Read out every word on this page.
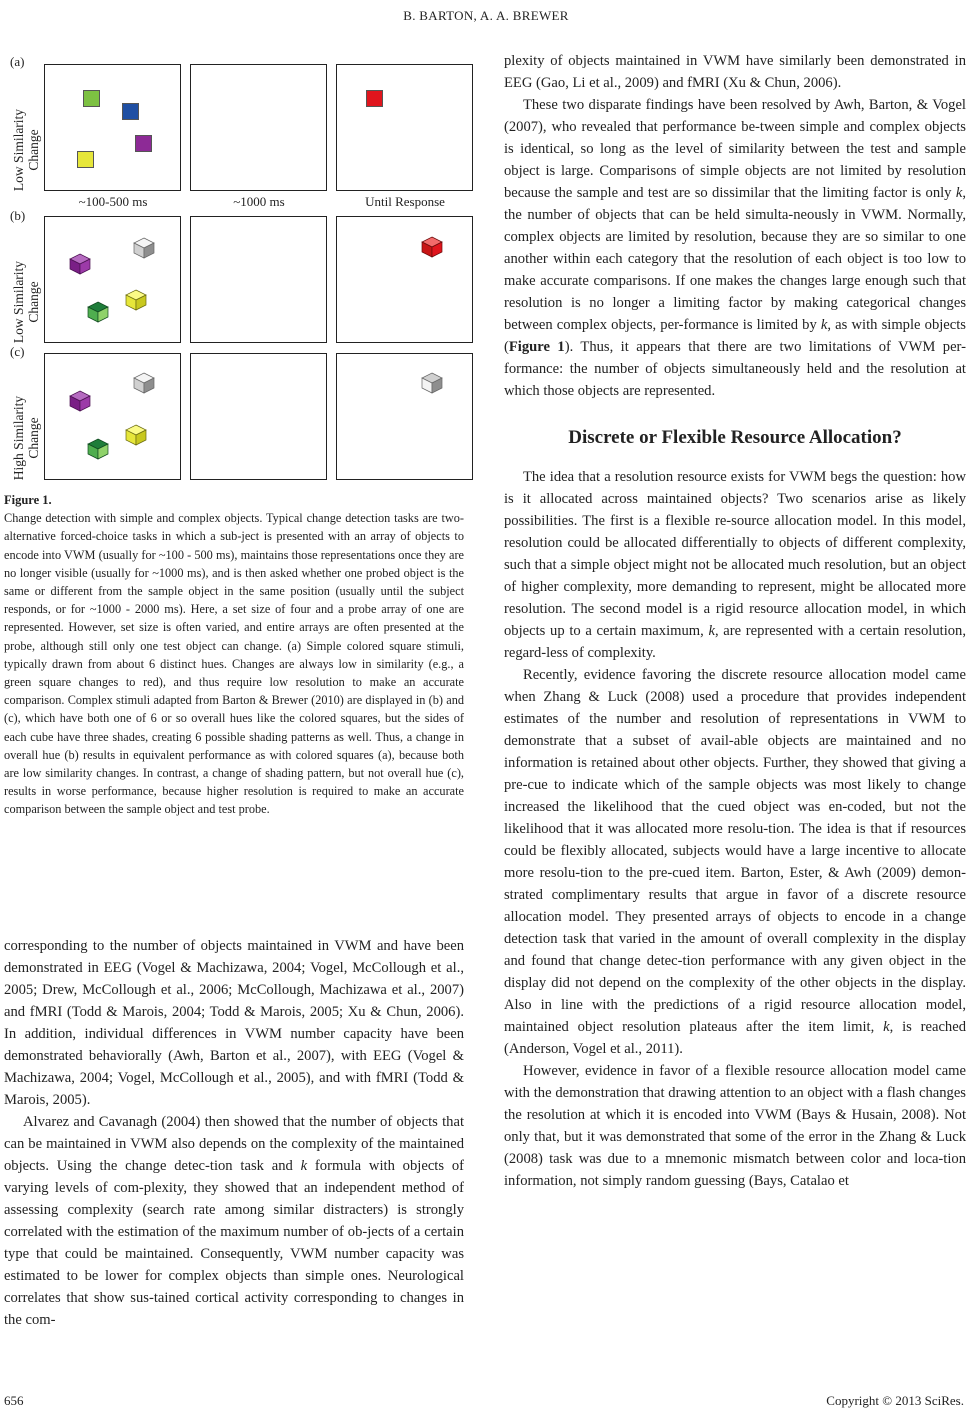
B. BARTON, A. A. BREWER
(a)
Low Similarity
Change
~100-500 ms	~1000 ms	Until Response
(b)
Low Similarity
Change
(c)
High Similarity
Change
Figure 1.
Change detection with simple and complex objects. Typical change detection tasks are two-alternative forced-choice tasks in which a sub-ject is presented with an array of objects to encode into VWM (usually for ~100 - 500 ms), maintains those representations once they are no longer visible (usually for ~1000 ms), and is then asked whether one probed object is the same or different from the sample object in the same position (usually until the subject responds, or for ~1000 - 2000 ms). Here, a set size of four and a probe array of one are represented. However, set size is often varied, and entire arrays are often presented at the probe, although still only one test object can change. (a) Simple colored square stimuli, typically drawn from about 6 distinct hues. Changes are always low in similarity (e.g., a green square changes to red), and thus require low resolution to make an accurate comparison. Complex stimuli adapted from Barton & Brewer (2010) are displayed in (b) and (c), which have both one of 6 or so overall hues like the colored squares, but the sides of each cube have three shades, creating 6 possible shading patterns as well. Thus, a change in overall hue (b) results in equivalent performance as with colored squares (a), because both are low similarity changes. In contrast, a change of shading pattern, but not overall hue (c), results in worse performance, because higher resolution is required to make an accurate comparison between the sample object and test probe.

corresponding to the number of objects maintained in VWM and have been demonstrated in EEG (Vogel & Machizawa, 2004; Vogel, McCollough et al., 2005; Drew, McCollough et al., 2006; McCollough, Machizawa et al., 2007) and fMRI (Todd & Marois, 2004; Todd & Marois, 2005; Xu & Chun, 2006). In addition, individual differences in VWM number capacity have been demonstrated behaviorally (Awh, Barton et al., 2007), with EEG (Vogel & Machizawa, 2004; Vogel, McCollough et al., 2005), and with fMRI (Todd & Marois, 2005).

Alvarez and Cavanagh (2004) then showed that the number of objects that can be maintained in VWM also depends on the complexity of the maintained objects. Using the change detec-tion task and k formula with objects of varying levels of com-plexity, they showed that an independent method of assessing complexity (search rate among similar distracters) is strongly correlated with the estimation of the maximum number of ob-jects of a certain type that could be maintained. Consequently, VWM number capacity was estimated to be lower for complex objects than simple ones. Neurological correlates that show sus-tained cortical activity corresponding to changes in the com-

plexity of objects maintained in VWM have similarly been demonstrated in EEG (Gao, Li et al., 2009) and fMRI (Xu & Chun, 2006).

These two disparate findings have been resolved by Awh, Barton, & Vogel (2007), who revealed that performance be-tween simple and complex objects is identical, so long as the level of similarity between the test and sample object is large. Comparisons of simple objects are not limited by resolution because the sample and test are so dissimilar that the limiting factor is only k, the number of objects that can be held simulta-neously in VWM. Normally, complex objects are limited by resolution, because they are so similar to one another within each category that the resolution of each object is too low to make accurate comparisons. If one makes the changes large enough such that resolution is no longer a limiting factor by making categorical changes between complex objects, per-formance is limited by k, as with simple objects (Figure 1). Thus, it appears that there are two limitations of VWM per-formance: the number of objects simultaneously held and the resolution at which those objects are represented.

Discrete or Flexible Resource Allocation?

The idea that a resolution resource exists for VWM begs the question: how is it allocated across maintained objects? Two scenarios arise as likely possibilities. The first is a flexible re-source allocation model. In this model, resolution could be allocated differentially to objects of different complexity, such that a simple object might not be allocated much resolution, but an object of higher complexity, more demanding to represent, might be allocated more resolution. The second model is a rigid resource allocation model, in which objects up to a certain maximum, k, are represented with a certain resolution, regard-less of complexity.

Recently, evidence favoring the discrete resource allocation model came when Zhang & Luck (2008) used a procedure that provides independent estimates of the number and resolution of representations in VWM to demonstrate that a subset of avail-able objects are maintained and no information is retained about other objects. Further, they showed that giving a pre-cue to indicate which of the sample objects was most likely to change increased the likelihood that the cued object was en-coded, but not the likelihood that it was allocated more resolu-tion. The idea is that if resources could be flexibly allocated, subjects would have a large incentive to allocate more resolu-tion to the pre-cued item. Barton, Ester, & Awh (2009) demon-strated complimentary results that argue in favor of a discrete resource allocation model. They presented arrays of objects to encode in a change detection task that varied in the amount of overall complexity in the display and found that change detec-tion performance with any given object in the display did not depend on the complexity of the other objects in the display. Also in line with the predictions of a rigid resource allocation model, maintained object resolution plateaus after the item limit, k, is reached (Anderson, Vogel et al., 2011).

However, evidence in favor of a flexible resource allocation model came with the demonstration that drawing attention to an object with a flash changes the resolution at which it is encoded into VWM (Bays & Husain, 2008). Not only that, but it was demonstrated that some of the error in the Zhang & Luck (2008) task was due to a mnemonic mismatch between color and loca-tion information, not simply random guessing (Bays, Catalao et

656	Copyright © 2013 SciRes.
